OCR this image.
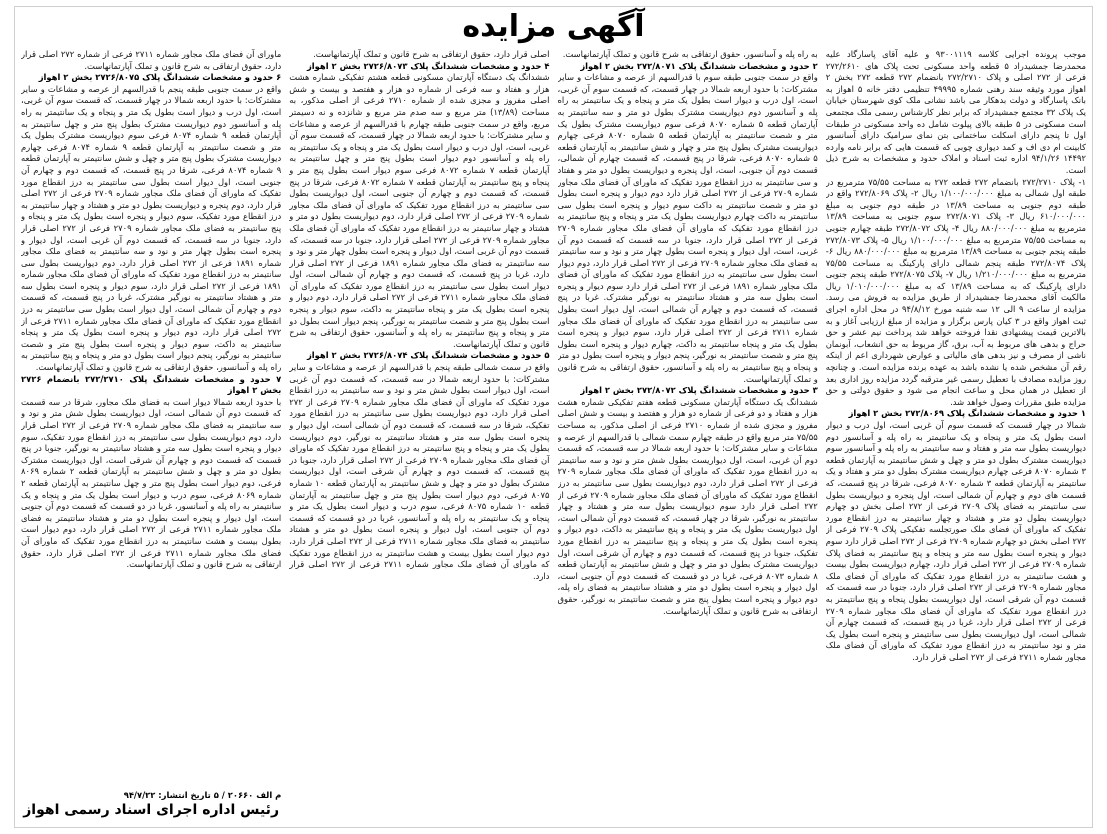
آگهی مزایده

موجب پرونده اجرایی کلاسه ۹۳۰۰۱۱۱۹ و علیه آقای پاسارگاد علیه محمدرضا جمشیدراد ۵ قطعه واحد مسکونی تحت پلاک های ۲۷۲/۲۶۱۰ فرعی از ۲۷۲ اصلی و پلاک ۲۷۲/۲۷۱۰ بانضمام ۲۷۲ قطعه ۲۷۲ بخش ۲ اهواز مورد وثیقه سند رهنی شماره ۴۹۹۹۵ تنظیمی دفتر خانه ۵ اهواز به بانک پاسارگاد و دولت بدهکار می باشد نشانی ملک کوی شهرستان خیابان یک پلاک ۳۲ مجتمع جمشیدراد که برابر نظر کارشناس رسمی ملک مجتمعی است مسکونی در ۵ طبقه بالای پیلوت شامل ده واحد مسکونی در طبقات اول تا پنجم دارای اسکلت ساختمانی بتن نمای سرامیک دارای آسانسور کابینت ام دی اف و کمد دیواری چوبی که قسمت هایی که برابر نامه وارده ۱۴۴۹۲ ۹۴/۱/۲۶ اداره ثبت اسناد و املاک حدود و مشخصات به شرح ذیل است.

۱- پلاک ۲۷۲/۲۷۱۰ بانضمام ۲۷۲ قطعه ۲۷۲ به مساحت ۷۵/۵۵ مترمربع در طبقه اول شمالی به مبلغ ۱/۱۰۰/۰۰۰/۰۰۰ ریال ۲- پلاک ۲۷۲/۸۰۶۹ واقع در طبقه دوم جنوبی به مساحت ۱۳/۸۹ در طبقه دوم جنوبی به مبلغ ۶۱۰/۰۰۰/۰۰۰ ریال ۳- پلاک ۲۷۲/۸۰۷۱ سوم جنوبی به مساحت ۱۳/۸۹ مترمربع به مبلغ ۸۸۰/۰۰۰/۰۰۰ ریال ۴- پلاک ۲۷۲/۸۰۷۲ طبقه چهارم جنوبی به مساحت ۷۵/۵۵ مترمربع به مبلغ ۱/۱۰۰/۰۰۰/۰۰۰ ریال ۵- پلاک ۲۷۲/۸۰۷۳ طبقه پنجم جنوبی به مساحت ۱۳/۸۹ مترمربع به مبلغ ۸۸۰/۰۰۰/۰۰۰ ریال ۶- پلاک ۲۷۲/۸۰۷۴ طبقه پنجم شمالی دارای پارکینگ به مساحت ۷۵/۵۵ مترمربع به مبلغ ۱/۲۱۰/۰۰۰/۰۰۰ ریال ۷- پلاک ۲۷۲/۸۰۷۵ طبقه پنجم جنوبی دارای پارکینگ که به مساحت ۱۳/۸۹ که به مبلغ ۱/۰۱۰/۰۰۰/۰۰۰ ریال مالکیت آقای محمدرضا جمشیدراد از طریق مزایده به فروش می رسد. مزایده از ساعت ۹ الی ۱۲ سه شنبه مورخ ۹۴/۸/۱۲ در محل اداره اجرای ثبت اهواز واقع در ۳ کیان پارس برگزار و مزایده از مبلغ ارزیابی آغاز و به بالاترین قیمت پیشنهادی نقدا فروخته خواهد شد پرداخت نیم عشر و حق حراج و بدهی های مربوط به آب، برق، گاز مربوط به حق انشعاب، آبونمان ناشی از مصرف و نیز بدهی های مالیاتی و عوارض شهرداری اعم از اینکه رقم آن مشخص شده یا نشده باشد به عهده برنده مزایده است. و چنانچه روز مزایده مصادف با تعطیل رسمی غیر مترقبه گردد مزایده روز اداری بعد از تعطیل در همان محل و ساعت انجام می شود و حقوق دولتی و حق مزایده طبق مقررات وصول خواهد شد.

۱ حدود و مشخصات ششدانگ پلاک ۲۷۲/۸۰۶۹ بخش ۲ اهواز

شمالا در چهار قسمت که قسمت سوم آن غربی است، اول درب و دیوار است بطول یک متر و پنجاه و یک سانتیمتر به راه پله و آسانسور دوم دیواریست بطول سه متر و هفتاد و سه سانتیمتر به راه پله و آسانسور سوم دیواریست مشترک بطول دو متر و چهل و شش سانتیمتر به آپارتمان قطعه ۳ شماره ۸۰۷۰ فرعی چهارم دیواریست مشترک بطول دو متر و هفتاد و یک سانتیمتر به آپارتمان قطعه ۳ شماره ۸۰۷۰ فرعی، شرقا در پنج قسمت، که قسمت های دوم و چهارم آن شمالی است، اول پنجره و دیواریست بطول سی سانتیمتر به فضای پلاک ۲۷۰۹ فرعی از ۲۷۲ اصلی بخش دو چهارم دیواریست بطول دو متر و هشتاد و چهار سانتیمتر به درز انقطاع مورد تفکیک که ماورای آن فضای ملک صورتجلسه تفکیکی پلاک ۲۷۰۹ فرعی از ۲۷۲ اصلی بخش دو چهارم شماره ۲۷۰۹ فرعی از ۲۷۲ اصلی قرار دارد سوم دیوار و پنجره است بطول سه متر و پنجاه و پنج سانتیمتر به فضای پلاک شماره ۲۷۰۹ فرعی از ۲۷۲ اصلی قرار دارد، چهارم دیواریست بطول بیست و هشت سانتیمتر به درز انقطاع مورد تفکیک که ماورای آن فضای ملک مجاور شماره ۲۷۰۹ فرعی از ۲۷۲ اصلی قرار دارد، جنوبا در سه قسمت که قسمت دوم آن شرقی است، اول دیواریست بطول پنجاه و پنج سانتیمتر به درز انقطاع مورد تفکیک که ماورای آن فضای ملک مجاور شماره ۲۷۰۹ فرعی از ۲۷۲ اصلی قرار دارد، غربا در پنج قسمت، که قسمت چهارم آن شمالی است، اول دیواریست بطول سی سانتیمتر و پنجره است بطول یک متر و نود سانتیمتر به درز انقطاع مورد تفکیک که ماورای آن فضای ملک مجاور شماره ۲۷۱۱ فرعی از ۲۷۲ اصلی قرار دارد.

به راه پله و آسانسور، حقوق ارتفاقی به شرح قانون و تملک آپارتمانهاست.

۲ حدود و مشخصات ششدانگ پلاک ۲۷۲/۸۰۷۱ بخش ۲ اهواز

واقع در سمت جنوبی طبقه سوم با قدرالسهم از عرصه و مشاعات و سایر مشترکات: با حدود اربعه شمالا در چهار قسمت، که قسمت سوم آن غربی، است، اول درب و دیوار است بطول یک متر و پنجاه و یک سانتیمتر به راه پله و آسانسور دوم دیواریست مشترک بطول دو متر و سه سانتیمتر به آپارتمان قطعه ۵ شماره ۸۰۷۰ فرعی سوم دیواریست مشترک بطول یک متر و شصت سانتیمتر به آپارتمان قطعه ۵ شماره ۸۰۷۰ فرعی چهارم دیواریست مشترک بطول پنج متر و چهار و شش سانتیمتر به آپارتمان قطعه ۵ شماره ۸۰۷۰ فرعی، شرقا در پنج قسمت، که قسمت چهارم آن شمالی، قسمت دوم آن جنوبی، است، اول پنجره و دیواریست بطول دو متر و هفتاد و سی سانتیمتر به درز انقطاع مورد تفکیک که ماورای آن فضای ملک مجاور شماره ۲۷۰۹ فرعی از ۲۷۲ اصلی قرار دارد دوم دیوار و پنجره است بطول دو متر و شصت سانتیمتر به داکت سوم دیوار و پنجره است بطول سی سانتیمتر به داکت چهارم دیواریست بطول یک متر و پنجاه و پنج سانتیمتر به درز انقطاع مورد تفکیک که ماورای آن فضای ملک مجاور شماره ۲۷۰۹ فرعی از ۲۷۲ اصلی قرار دارد، جنوبا در سه قسمت که قسمت دوم آن غربی، است، اول دیوار و پنجره است بطول چهار متر و نود و سه سانتیمتر به فضای ملک مجاور شماره ۲۷۰۹ فرعی از ۲۷۲ اصلی قرار دارد، دوم دیوار است بطول سی سانتیمتر به درز انقطاع مورد تفکیک که ماورای آن فضای ملک مجاور شماره ۱۸۹۱ فرعی از ۲۷۲ اصلی قرار دارد سوم دیوار و پنجره است بطول سه متر و هشتاد سانتیمتر به نورگیر مشترک. غربا در پنج قسمت، که قسمت دوم و چهارم آن شمالی است، اول دیوار است بطول سی سانتیمتر به درز انقطاع مورد تفکیک که ماورای آن فضای ملک مجاور شماره ۲۷۱۱ فرعی از ۲۷۲ اصلی قرار دارد، سوم دیوار و پنجره است بطول یک متر و پنجاه سانتیمتر به داکت، چهارم دیوار و پنجره است بطول پنج متر و شصت سانتیمتر به نورگیر، پنجم دیوار و پنجره است بطول دو متر و پنجاه و پنج سانتیمتر به راه پله و آسانسور، حقوق ارتفاقی به شرح قانون و تملک آپارتمانهاست.

۳ حدود و مشخصات ششدانگ پلاک ۲۷۲/۸۰۷۲ بخش ۲ اهواز

ششدانگ یک دستگاه آپارتمان مسکونی قطعه هفتم تفکیکی شماره هشت هزار و هفتاد و دو فرعی از شماره دو هزار و هفتصد و بیست و شش اصلی مفروز و مجزی شده از شماره ۲۷۱۰ فرعی از اصلی مذکور، به مساحت ۷۵/۵۵ متر مربع واقع در طبقه چهارم سمت شمالی با قدرالسهم از عرصه و مشاعات و سایر مشترکات: با حدود اربعه شمالا در سه قسمت، که قسمت دوم آن غربی، است، اول دیواریست بطول شش متر و نود و سه سانتیمتر به درز انقطاع مورد تفکیک که ماورای آن فضای ملک مجاور شماره ۲۷۰۹ فرعی از ۲۷۲ اصلی قرار دارد، دوم دیواریست بطول سی سانتیمتر به درز انقطاع مورد تفکیک که ماورای آن فضای ملک مجاور شماره ۲۷۰۹ فرعی از ۲۷۲ اصلی قرار دارد سوم دیواریست بطول سه متر و هشتاد و چهار سانتیمتر به نورگیر، شرقا در چهار قسمت، که قسمت دوم آن شمالی است، اول دیواریست بطول یک متر و پنجاه و پنج سانتیمتر به داکت، دوم دیوار و پنجره است بطول یک متر و پنجاه و پنج سانتیمتر به درز انقطاع مورد تفکیک، جنوبا در پنج قسمت، که قسمت دوم و چهارم آن شرقی است، اول دیواریست مشترک بطول دو متر و چهل و شش سانتیمتر به آپارتمان قطعه ۸ شماره ۸۰۷۳ فرعی، غربا در دو قسمت که قسمت دوم آن جنوبی است، اول دیوار و پنجره است بطول دو متر و هشتاد سانتیمتر به فضای راه پله، دوم دیوار و پنجره است بطول پنج متر و شصت سانتیمتر به نورگیر، حقوق ارتفاقی به شرح قانون و تملک آپارتمانهاست.

اصلی قرار دارد، حقوق ارتفاقی به شرح قانون و تملک آپارتمانهاست.

۴ حدود و مشخصات ششدانگ پلاک ۲۷۲۶/۸۰۷۳ بخش ۲ اهواز

ششدانگ یک دستگاه آپارتمان مسکونی قطعه هشتم تفکیکی شماره هشت هزار و هفتاد و سه فرعی از شماره دو هزار و هفتصد و بیست و شش اصلی مفروز و مجزی شده از شماره ۲۷۱۰ فرعی از اصلی مذکور، به مساحت (۱۳/۸۹) متر مربع و سه صدم متر مربع و شانزده و نه دسیمتر مربع، واقع در سمت جنوبی طبقه چهارم با قدرالسهم از عرصه و مشاعات و سایر مشترکات: با حدود اربعه شمالا در چهار قسمت، که قسمت سوم آن غربی، است، اول درب و دیوار است بطول یک متر و پنجاه و یک سانتیمتر به راه پله و آسانسور دوم دیوار است بطول پنج متر و چهل سانتیمتر به آپارتمان قطعه ۷ شماره ۸۰۷۲ فرعی سوم دیوار است بطول پنج متر و پنجاه و پنج سانتیمتر به آپارتمان قطعه ۷ شماره ۸۰۷۲ فرعی، شرقا در پنج قسمت، که قسمت دوم و چهارم آن جنوبی است، اول دیواریست بطول سی سانتیمتر به درز انقطاع مورد تفکیک که ماورای آن فضای ملک مجاور شماره ۲۷۰۹ فرعی از ۲۷۲ اصلی قرار دارد، دوم دیواریست بطول دو متر و هشتاد و چهار سانتیمتر به درز انقطاع مورد تفکیک که ماورای آن فضای ملک مجاور شماره ۲۷۰۹ فرعی از ۲۷۲ اصلی قرار دارد، جنوبا در سه قسمت، که قسمت دوم آن غربی است، اول دیوار و پنجره است بطول چهار متر و نود و سه سانتیمتر به فضای ملک مجاور شماره ۱۸۹۱ فرعی از ۲۷۲ اصلی قرار دارد، غربا در پنج قسمت، که قسمت دوم و چهارم آن شمالی است، اول دیوار است بطول سی سانتیمتر به درز انقطاع مورد تفکیک که ماورای آن فضای ملک مجاور شماره ۲۷۱۱ فرعی از ۲۷۲ اصلی قرار دارد، دوم دیوار و پنجره است بطول یک متر و پنجاه سانتیمتر به داکت، سوم دیوار و پنجره است بطول پنج متر و شصت سانتیمتر به نورگیر، پنجم دیوار است بطول دو متر و پنجاه و پنج سانتیمتر به راه پله و آسانسور، حقوق ارتفاقی به شرح قانون و تملک آپارتمانهاست.

۵ حدود و مشخصات ششدانگ پلاک ۲۷۲۶/۸۰۷۴ بخش ۲ اهواز

واقع در سمت شمالی طبقه پنجم با قدرالسهم از عرصه و مشاعات و سایر مشترکات: با حدود اربعه شمالا در سه قسمت، که قسمت دوم آن غربی است، اول دیوار است بطول شش متر و نود و سه سانتیمتر به درز انقطاع مورد تفکیک که ماورای آن فضای ملک مجاور شماره ۲۷۰۹ فرعی از ۲۷۲ اصلی قرار دارد، دوم دیواریست بطول سی سانتیمتر به درز انقطاع مورد تفکیک، شرقا در سه قسمت، که قسمت دوم آن شمالی است، اول دیوار و پنجره است بطول سه متر و هشتاد سانتیمتر به نورگیر، دوم دیواریست بطول یک متر و پنجاه و پنج سانتیمتر به درز انقطاع مورد تفکیک که ماورای آن فضای ملک مجاور شماره ۲۷۰۹ فرعی از ۲۷۲ اصلی قرار دارد، جنوبا در پنج قسمت، که قسمت دوم و چهارم آن شرقی است، اول دیواریست مشترک بطول دو متر و چهل و شش سانتیمتر به آپارتمان قطعه ۱۰ شماره ۸۰۷۵ فرعی، دوم دیوار است بطول پنج متر و چهل سانتیمتر به آپارتمان قطعه ۱۰ شماره ۸۰۷۵ فرعی، سوم درب و دیوار است بطول یک متر و پنجاه و یک سانتیمتر به راه پله و آسانسور، غربا در دو قسمت که قسمت دوم آن جنوبی است، اول دیوار و پنجره است بطول دو متر و هشتاد سانتیمتر به فضای ملک مجاور شماره ۲۷۱۱ فرعی از ۲۷۲ اصلی قرار دارد، دوم دیوار است بطول بیست و هشت سانتیمتر به درز انقطاع مورد تفکیک که ماورای آن فضای ملک مجاور شماره ۲۷۱۱ فرعی از ۲۷۲ اصلی قرار دارد.

ماورای آن فضای ملک مجاور شماره ۲۷۱۱ فرعی از شماره ۲۷۲ اصلی قرار دارد، حقوق ارتفاقی به شرح قانون و تملک آپارتمانهاست.

۶ حدود و مشخصات ششدانگ پلاک ۲۷۲۶/۸۰۷۵ بخش ۲ اهواز

واقع در سمت جنوبی طبقه پنجم با قدرالسهم از عرصه و مشاعات و سایر مشترکات: با حدود اربعه شمالا در چهار قسمت، که قسمت سوم آن غربی، است، اول درب و دیوار است بطول یک متر و پنجاه و یک سانتیمتر به راه پله و آسانسور دوم دیواریست مشترک بطول پنج متر و چهل سانتیمتر به آپارتمان قطعه ۹ شماره ۸۰۷۴ فرعی سوم دیواریست مشترک بطول یک متر و شصت سانتیمتر به آپارتمان قطعه ۹ شماره ۸۰۷۴ فرعی چهارم دیواریست مشترک بطول پنج متر و چهل و شش سانتیمتر به آپارتمان قطعه ۹ شماره ۸۰۷۴ فرعی، شرقا در پنج قسمت، که قسمت دوم و چهارم آن جنوبی است، اول دیوار است بطول سی سانتیمتر به درز انقطاع مورد تفکیک که ماورای آن فضای ملک مجاور شماره ۲۷۰۹ فرعی از ۲۷۲ اصلی قرار دارد، دوم پنجره و دیواریست بطول دو متر و هشتاد و چهار سانتیمتر به درز انقطاع مورد تفکیک، سوم دیوار و پنجره است بطول یک متر و پنجاه و پنج سانتیمتر به فضای ملک مجاور شماره ۲۷۰۹ فرعی از ۲۷۲ اصلی قرار دارد، جنوبا در سه قسمت، که قسمت دوم آن غربی است، اول دیوار و پنجره است بطول چهار متر و نود و سه سانتیمتر به فضای ملک مجاور شماره ۱۸۹۱ فرعی از ۲۷۲ اصلی قرار دارد، دوم دیواریست بطول سی سانتیمتر به درز انقطاع مورد تفکیک که ماورای آن فضای ملک مجاور شماره ۱۸۹۱ فرعی از ۲۷۲ اصلی قرار دارد، سوم دیوار و پنجره است بطول سه متر و هشتاد سانتیمتر به نورگیر مشترک، غربا در پنج قسمت، که قسمت دوم و چهارم آن شمالی است، اول دیوار است بطول سی سانتیمتر به درز انقطاع مورد تفکیک که ماورای آن فضای ملک مجاور شماره ۲۷۱۱ فرعی از ۲۷۲ اصلی قرار دارد، دوم دیوار و پنجره است بطول یک متر و پنجاه سانتیمتر به داکت، سوم دیوار و پنجره است بطول پنج متر و شصت سانتیمتر به نورگیر، پنجم دیوار است بطول دو متر و پنجاه و پنج سانتیمتر به راه پله و آسانسور، حقوق ارتفاقی به شرح قانون و تملک آپارتمانهاست.

۷ حدود و مشخصات ششدانگ پلاک ۲۷۲/۲۷۱۰ بانضمام ۲۷۲۶ بخش ۲ اهواز

با حدود اربعه شمالا دیوار است به فضای ملک مجاور، شرقا در سه قسمت که قسمت دوم آن شمالی است، اول دیواریست بطول شش متر و نود و سه سانتیمتر به فضای ملک مجاور شماره ۲۷۰۹ فرعی از ۲۷۲ اصلی قرار دارد، دوم دیواریست بطول سی سانتیمتر به درز انقطاع مورد تفکیک، سوم دیوار و پنجره است بطول سه متر و هشتاد سانتیمتر به نورگیر، جنوبا در پنج قسمت که قسمت دوم و چهارم آن شرقی است، اول دیواریست مشترک بطول دو متر و چهل و شش سانتیمتر به آپارتمان قطعه ۲ شماره ۸۰۶۹ فرعی، دوم دیوار است بطول پنج متر و چهل سانتیمتر به آپارتمان قطعه ۲ شماره ۸۰۶۹ فرعی، سوم درب و دیوار است بطول یک متر و پنجاه و یک سانتیمتر به راه پله و آسانسور، غربا در دو قسمت که قسمت دوم آن جنوبی است، اول دیوار و پنجره است بطول دو متر و هشتاد سانتیمتر به فضای ملک مجاور شماره ۲۷۱۱ فرعی از ۲۷۲ اصلی قرار دارد، دوم دیوار است بطول بیست و هشت سانتیمتر به درز انقطاع مورد تفکیک که ماورای آن فضای ملک مجاور شماره ۲۷۱۱ فرعی از ۲۷۲ اصلی قرار دارد، حقوق ارتفاقی به شرح قانون و تملک آپارتمانهاست.

م الف ۲۰۶۶۰ / ۵ تاریخ انتشار: ۹۴/۷/۲۲
رئیس اداره اجرای اسناد رسمی اهواز
